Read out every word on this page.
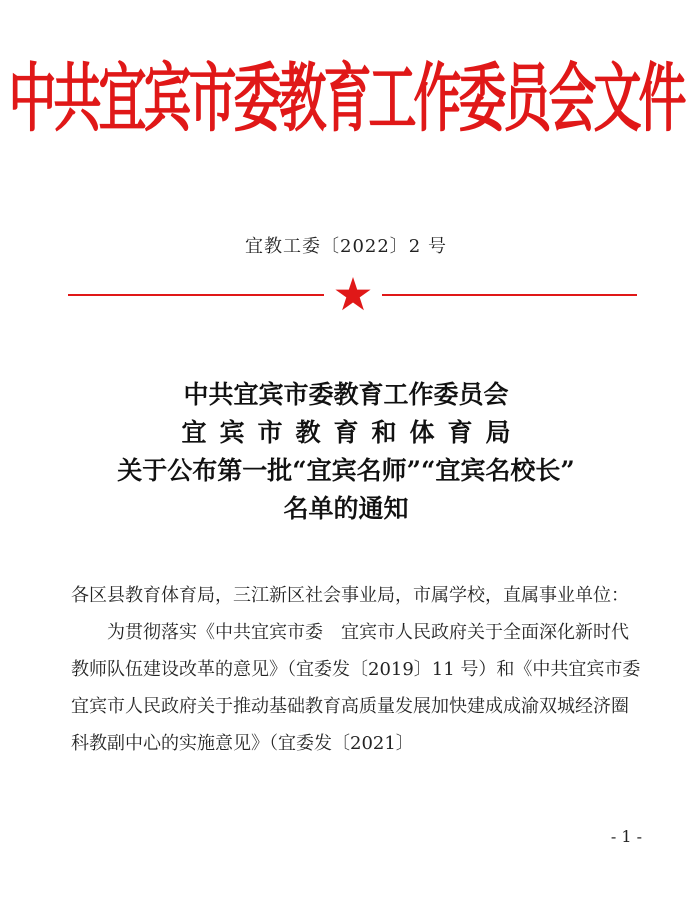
中共宜宾市委教育工作委员会文件
宜教工委〔2022〕2 号
中共宜宾市委教育工作委员会
宜宾市教育和体育局
关于公布第一批“宜宾名师”“宜宾名校长”
名单的通知

各区县教育体育局，三江新区社会事业局，市属学校，直属事业单位：

为贯彻落实《中共宜宾市委　宜宾市人民政府关于全面深化新时代教师队伍建设改革的意见》（宜委发〔2019〕11 号）和《中共宜宾市委　宜宾市人民政府关于推动基础教育高质量发展加快建成成渝双城经济圈科教副中心的实施意见》（宜委发〔2021〕

- 1 -
